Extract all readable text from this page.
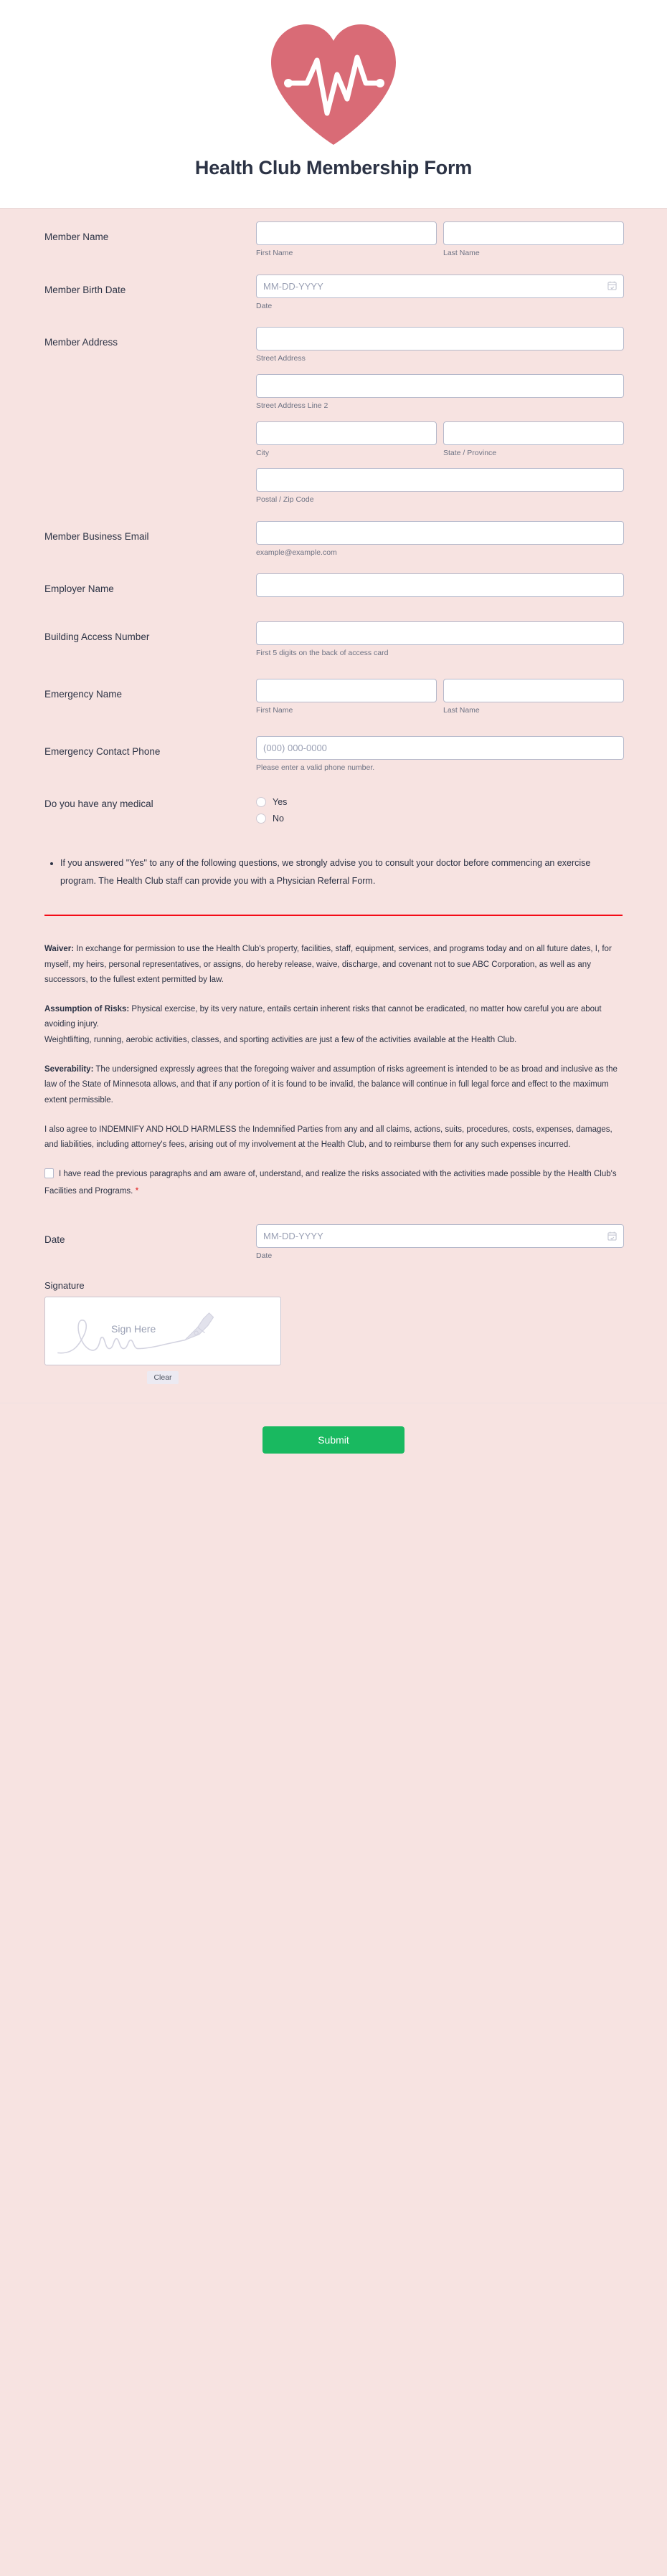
Health Club Membership Form
Member Name
First Name	Last Name
Member Birth Date
MM-DD-YYYY
Date
Member Address
Street Address
Street Address Line 2
City	State / Province
Postal / Zip Code
Member Business Email
example@example.com
Employer Name
Building Access Number
First 5 digits on the back of access card
Emergency Name
First Name	Last Name
Emergency Contact Phone
(000) 000-0000
Please enter a valid phone number.
Do you have any medical	Yes
No
• If you answered "Yes" to any of the following questions, we strongly advise you to consult your doctor before commencing an exercise program. The Health Club staff can provide you with a Physician Referral Form.

Waiver: In exchange for permission to use the Health Club's property, facilities, staff, equipment, services, and programs today and on all future dates, I, for myself, my heirs, personal representatives, or assigns, do hereby release, waive, discharge, and covenant not to sue ABC Corporation, as well as any successors, to the fullest extent permitted by law.

Assumption of Risks: Physical exercise, by its very nature, entails certain inherent risks that cannot be eradicated, no matter how careful you are about avoiding injury.
Weightlifting, running, aerobic activities, classes, and sporting activities are just a few of the activities available at the Health Club.

Severability: The undersigned expressly agrees that the foregoing waiver and assumption of risks agreement is intended to be as broad and inclusive as the law of the State of Minnesota allows, and that if any portion of it is found to be invalid, the balance will continue in full legal force and effect to the maximum extent permissible.

I also agree to INDEMNIFY AND HOLD HARMLESS the Indemnified Parties from any and all claims, actions, suits, procedures, costs, expenses, damages, and liabilities, including attorney's fees, arising out of my involvement at the Health Club, and to reimburse them for any such expenses incurred.

I have read the previous paragraphs and am aware of, understand, and realize the risks associated with the activities made possible by the Health Club's Facilities and Programs. *
Date
MM-DD-YYYY
Date
Signature
Sign Here
Clear
Submit
